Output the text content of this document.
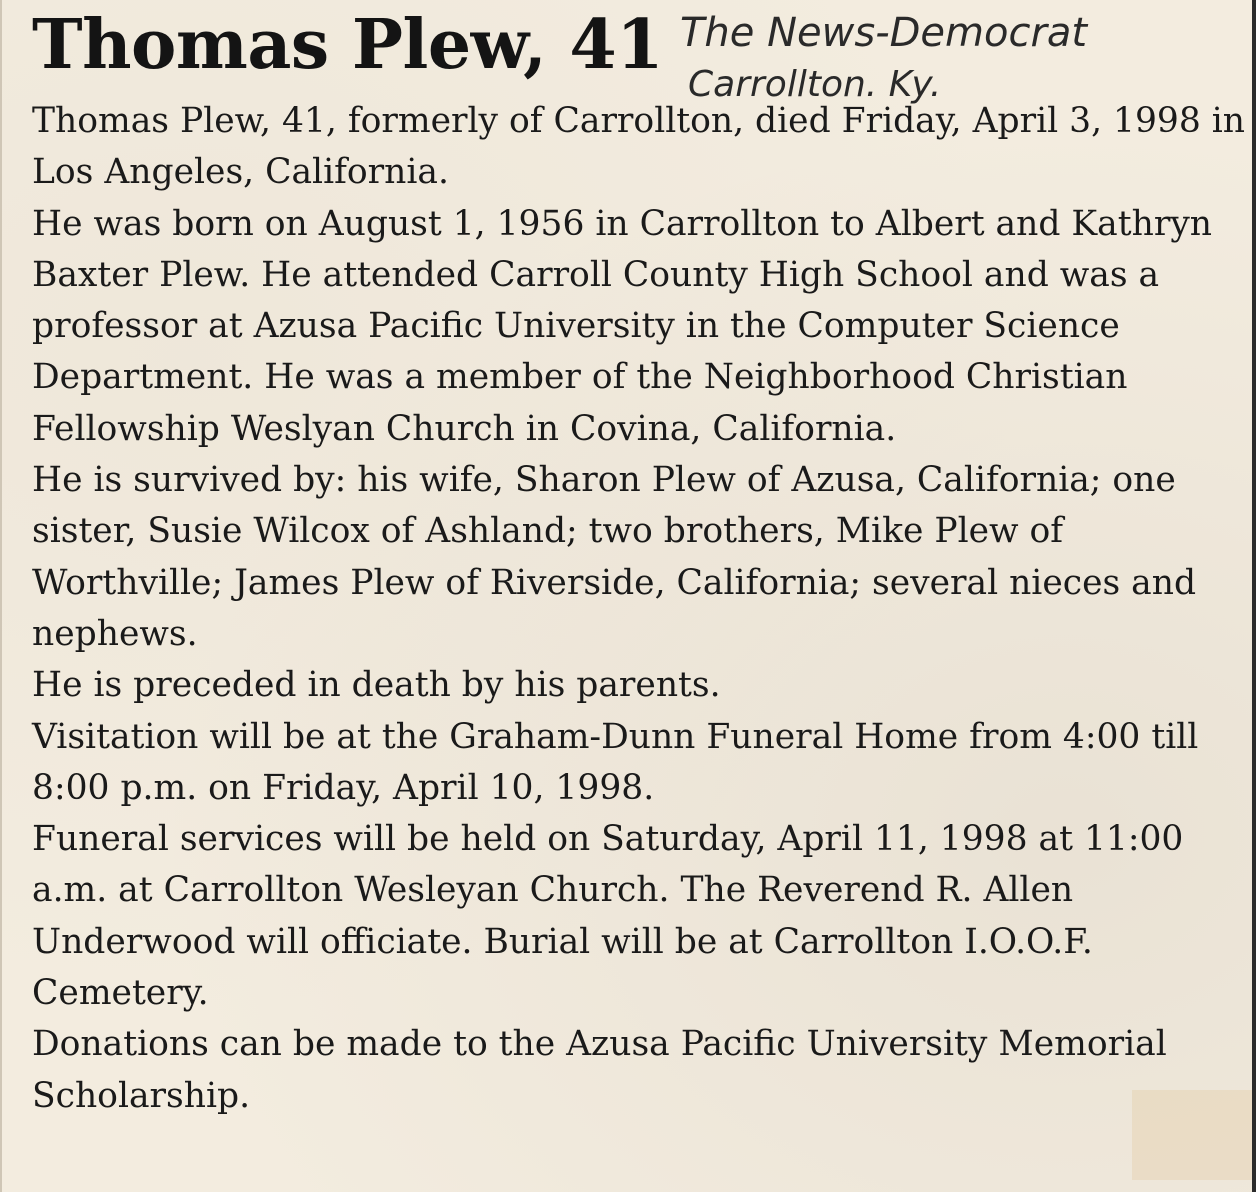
Thomas Plew, 41 The News-Democrat
Carrollton. Ky.

Thomas Plew, 41, formerly of Carrollton, died Friday, April 3, 1998 in Los Angeles, California.

He was born on August 1, 1956 in Carrollton to Albert and Kathryn Baxter Plew. He attended Carroll County High School and was a professor at Azusa Pacific University in the Computer Science Department. He was a member of the Neighborhood Christian Fellowship Weslyan Church in Covina, California.

He is survived by: his wife, Sharon Plew of Azusa, California; one sister, Susie Wilcox of Ashland; two brothers, Mike Plew of Worthville; James Plew of Riverside, California; several nieces and nephews.

He is preceded in death by his parents.

Visitation will be at the Graham-Dunn Funeral Home from 4:00 till 8:00 p.m. on Friday, April 10, 1998.

Funeral services will be held on Saturday, April 11, 1998 at 11:00 a.m. at Carrollton Wesleyan Church. The Reverend R. Allen Underwood will officiate. Burial will be at Carrollton I.O.O.F. Cemetery.

Donations can be made to the Azusa Pacific University Memorial Scholarship.
